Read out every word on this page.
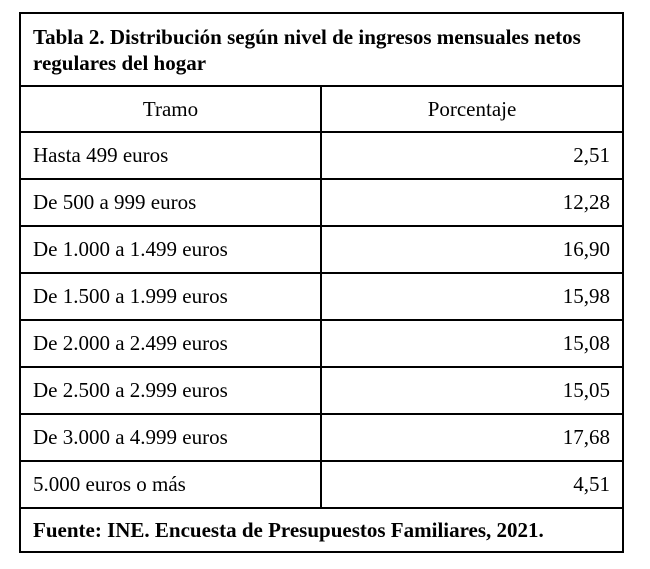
Tabla 2. Distribución según nivel de ingresos mensuales netos regulares del hogar	
Tramo	Porcentaje
Hasta 499 euros	2,51
De 500 a 999 euros	12,28
De 1.000 a 1.499 euros	16,90
De 1.500 a 1.999 euros	15,98
De 2.000 a 2.499 euros	15,08
De 2.500 a 2.999 euros	15,05
De 3.000 a 4.999 euros	17,68
5.000 euros o más	4,51
Fuente: INE. Encuesta de Presupuestos Familiares, 2021.	
